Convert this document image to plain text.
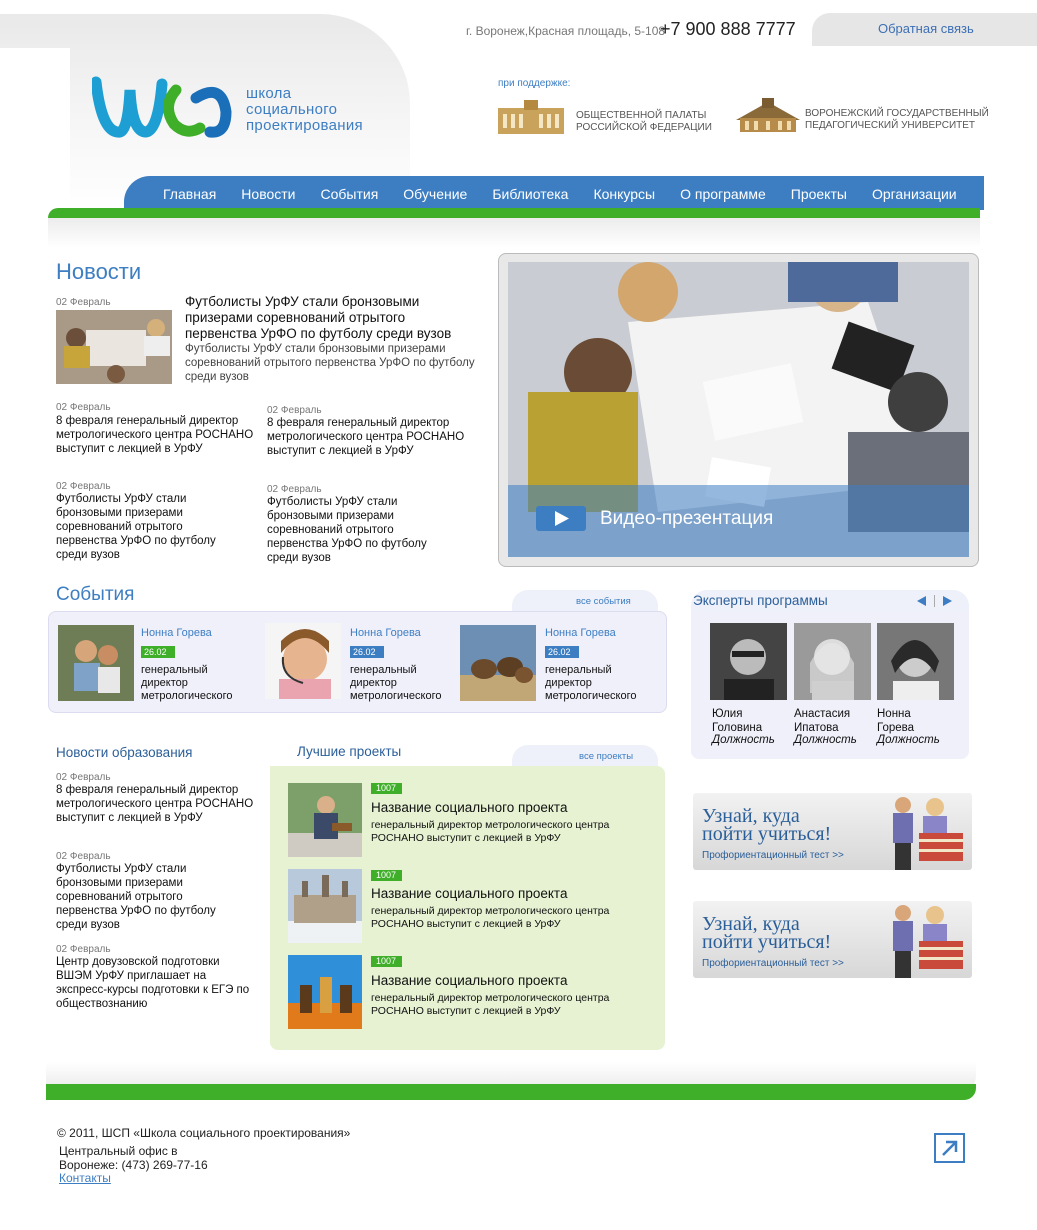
г. Воронеж,Красная площадь, 5-108
+7 900 888 7777	Обратная связь
школа
социального
проектирования
при поддержке:
ОБЩЕСТВЕННОЙ ПАЛАТЫ
РОССИЙСКОЙ ФЕДЕРАЦИИ
ВОРОНЕЖСКИЙ ГОСУДАРСТВЕННЫЙ
ПЕДАГОГИЧЕСКИЙ УНИВЕРСИТЕТ
Главная Новости События Обучение Библиотека Конкурсы О программе Проекты Организации
Новости
02 Февраль	Футболисты УрФУ стали бронзовыми призерами соревнований отрытого первенства УрФО по футболу среди вузов
Футболисты УрФУ стали бронзовыми призерами соревнований отрытого первенства УрФО по футболу среди вузов
02 Февраль
8 февраля генеральный директор метрологического центра РОСНАНО выступит с лекцией в УрФУ
02 Февраль
8 февраля генеральный директор метрологического центра РОСНАНО выступит с лекцией в УрФУ
02 Февраль
Футболисты УрФУ стали бронзовыми призерами соревнований отрытого первенства УрФО по футболу среди вузов
02 Февраль
Футболисты УрФУ стали бронзовыми призерами соревнований отрытого первенства УрФО по футболу среди вузов
Видео-презентация
События	все события
Нонна Горева
26.02
генеральный директор метрологического
Нонна Горева
26.02
генеральный директор метрологического
Нонна Горева
26.02
генеральный директор метрологического
Эксперты программы
Юлия
Головина
Должность
Анастасия
Ипатова
Должность
Нонна
Горева
Должность
Новости образования
02 Февраль
8 февраля генеральный директор метрологического центра РОСНАНО выступит с лекцией в УрФУ
02 Февраль
Футболисты УрФУ стали бронзовыми призерами соревнований отрытого первенства УрФО по футболу среди вузов
02 Февраль
Центр довузовской подготовки ВШЭМ УрФУ приглашает на экспресс-курсы подготовки к ЕГЭ по обществознанию
Лучшие проекты	все проекты
1007
Название социального проекта
генеральный директор метрологического центра РОСНАНО выступит с лекцией в УрФУ
1007
Название социального проекта
генеральный директор метрологического центра РОСНАНО выступит с лекцией в УрФУ
1007
Название социального проекта
генеральный директор метрологического центра РОСНАНО выступит с лекцией в УрФУ
Узнай, куда
пойти учиться!
Профориентационный тест >>
Узнай, куда
пойти учиться!
Профориентационный тест >>
© 2011, ШСП «Школа социального проектирования»
Центральный офис в
Воронеже: (473) 269-77-16
Контакты
